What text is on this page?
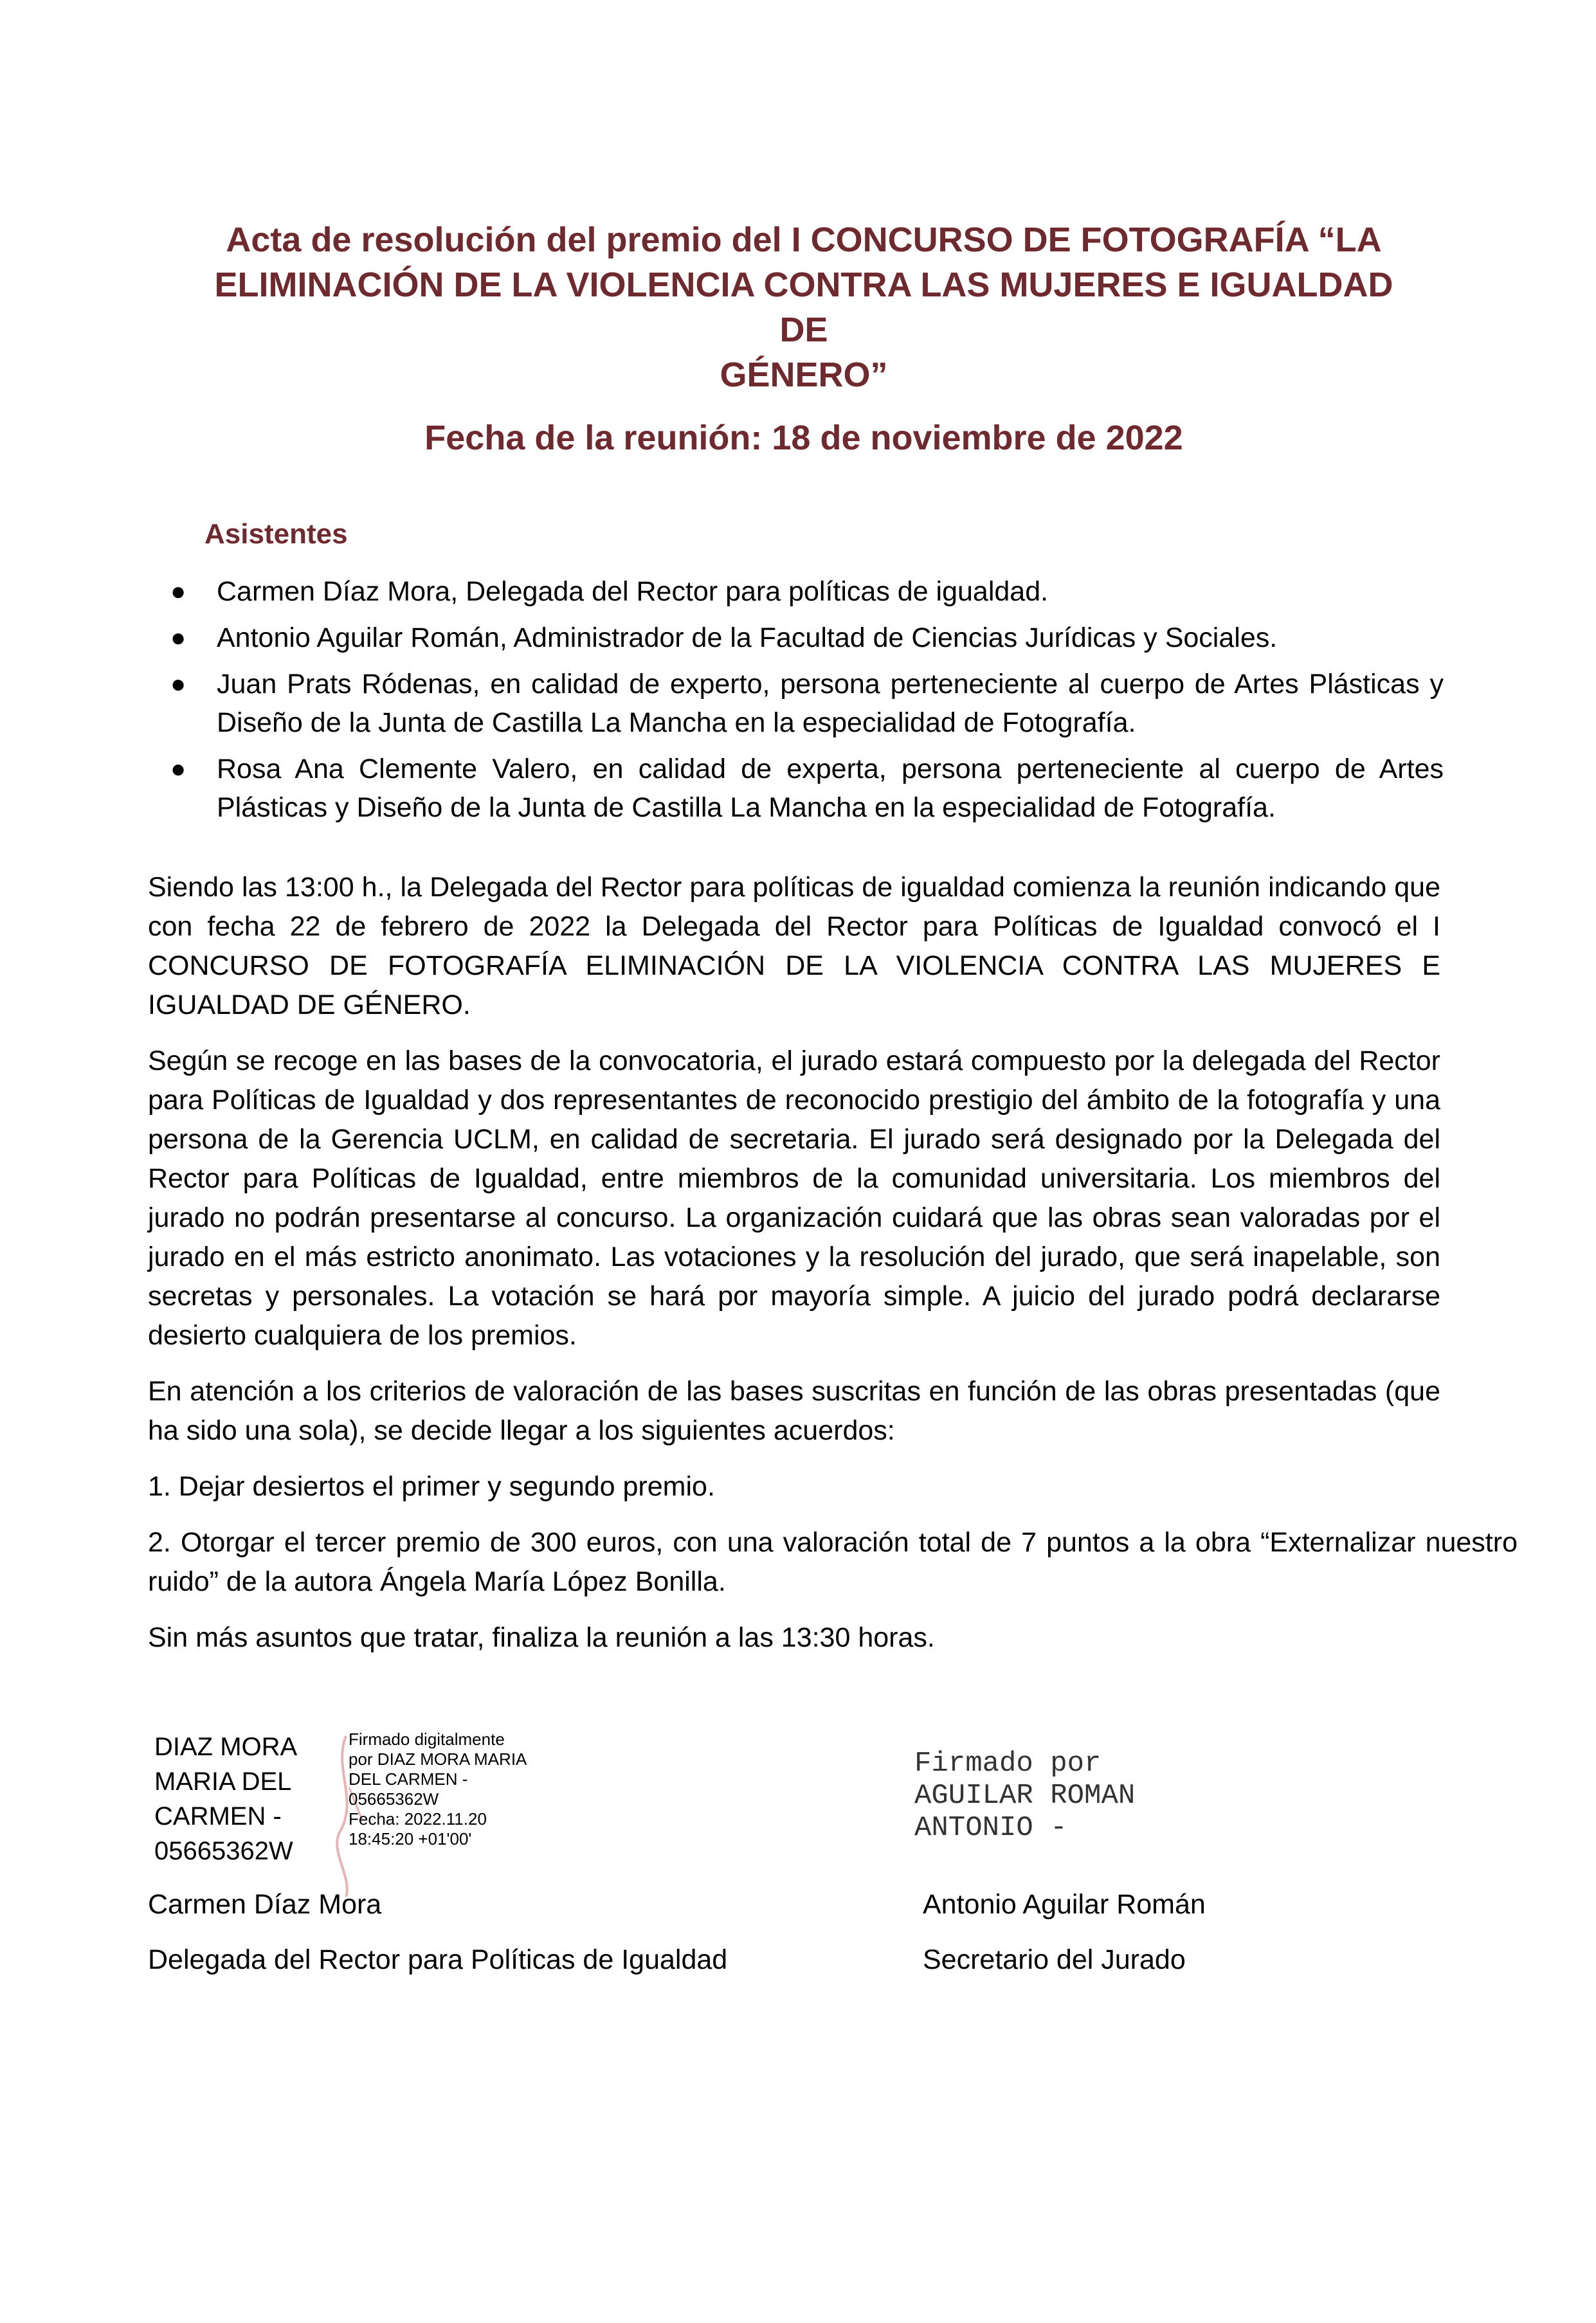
Acta de resolución del premio del I CONCURSO DE FOTOGRAFÍA “LA
ELIMINACIÓN DE LA VIOLENCIA CONTRA LAS MUJERES E IGUALDAD DE
GÉNERO”
Fecha de la reunión: 18 de noviembre de 2022
Asistentes
● Carmen Díaz Mora, Delegada del Rector para políticas de igualdad.
● Antonio Aguilar Román, Administrador de la Facultad de Ciencias Jurídicas y Sociales.
● Juan Prats Ródenas, en calidad de experto, persona perteneciente al cuerpo de Artes Plásticas y Diseño de la Junta de Castilla La Mancha en la especialidad de Fotografía.
● Rosa Ana Clemente Valero, en calidad de experta, persona perteneciente al cuerpo de Artes Plásticas y Diseño de la Junta de Castilla La Mancha en la especialidad de Fotografía.

Siendo las 13:00 h., la Delegada del Rector para políticas de igualdad comienza la reunión indicando que con fecha 22 de febrero de 2022 la Delegada del Rector para Políticas de Igualdad convocó el I CONCURSO DE FOTOGRAFÍA ELIMINACIÓN DE LA VIOLENCIA CONTRA LAS MUJERES E IGUALDAD DE GÉNERO.

Según se recoge en las bases de la convocatoria, el jurado estará compuesto por la delegada del Rector para Políticas de Igualdad y dos representantes de reconocido prestigio del ámbito de la fotografía y una persona de la Gerencia UCLM, en calidad de secretaria. El jurado será designado por la Delegada del Rector para Políticas de Igualdad, entre miembros de la comunidad universitaria. Los miembros del jurado no podrán presentarse al concurso. La organización cuidará que las obras sean valoradas por el jurado en el más estricto anonimato. Las votaciones y la resolución del jurado, que será inapelable, son secretas y personales. La votación se hará por mayoría simple. A juicio del jurado podrá declararse desierto cualquiera de los premios.

En atención a los criterios de valoración de las bases suscritas en función de las obras presentadas (que ha sido una sola), se decide llegar a los siguientes acuerdos:

1. Dejar desiertos el primer y segundo premio.

2. Otorgar el tercer premio de 300 euros, con una valoración total de 7 puntos a la obra “Externalizar nuestro ruido” de la autora Ángela María López Bonilla.

Sin más asuntos que tratar, finaliza la reunión a las 13:30 horas.

DIAZ MORA
MARIA DEL
CARMEN -
05665362W
Firmado digitalmente
por DIAZ MORA MARIA
DEL CARMEN -
05665362W
Fecha: 2022.11.20
18:45:20 +01'00'
Firmado por
AGUILAR ROMAN
ANTONIO -
Carmen Díaz Mora
Delegada del Rector para Políticas de Igualdad
Antonio Aguilar Román
Secretario del Jurado
